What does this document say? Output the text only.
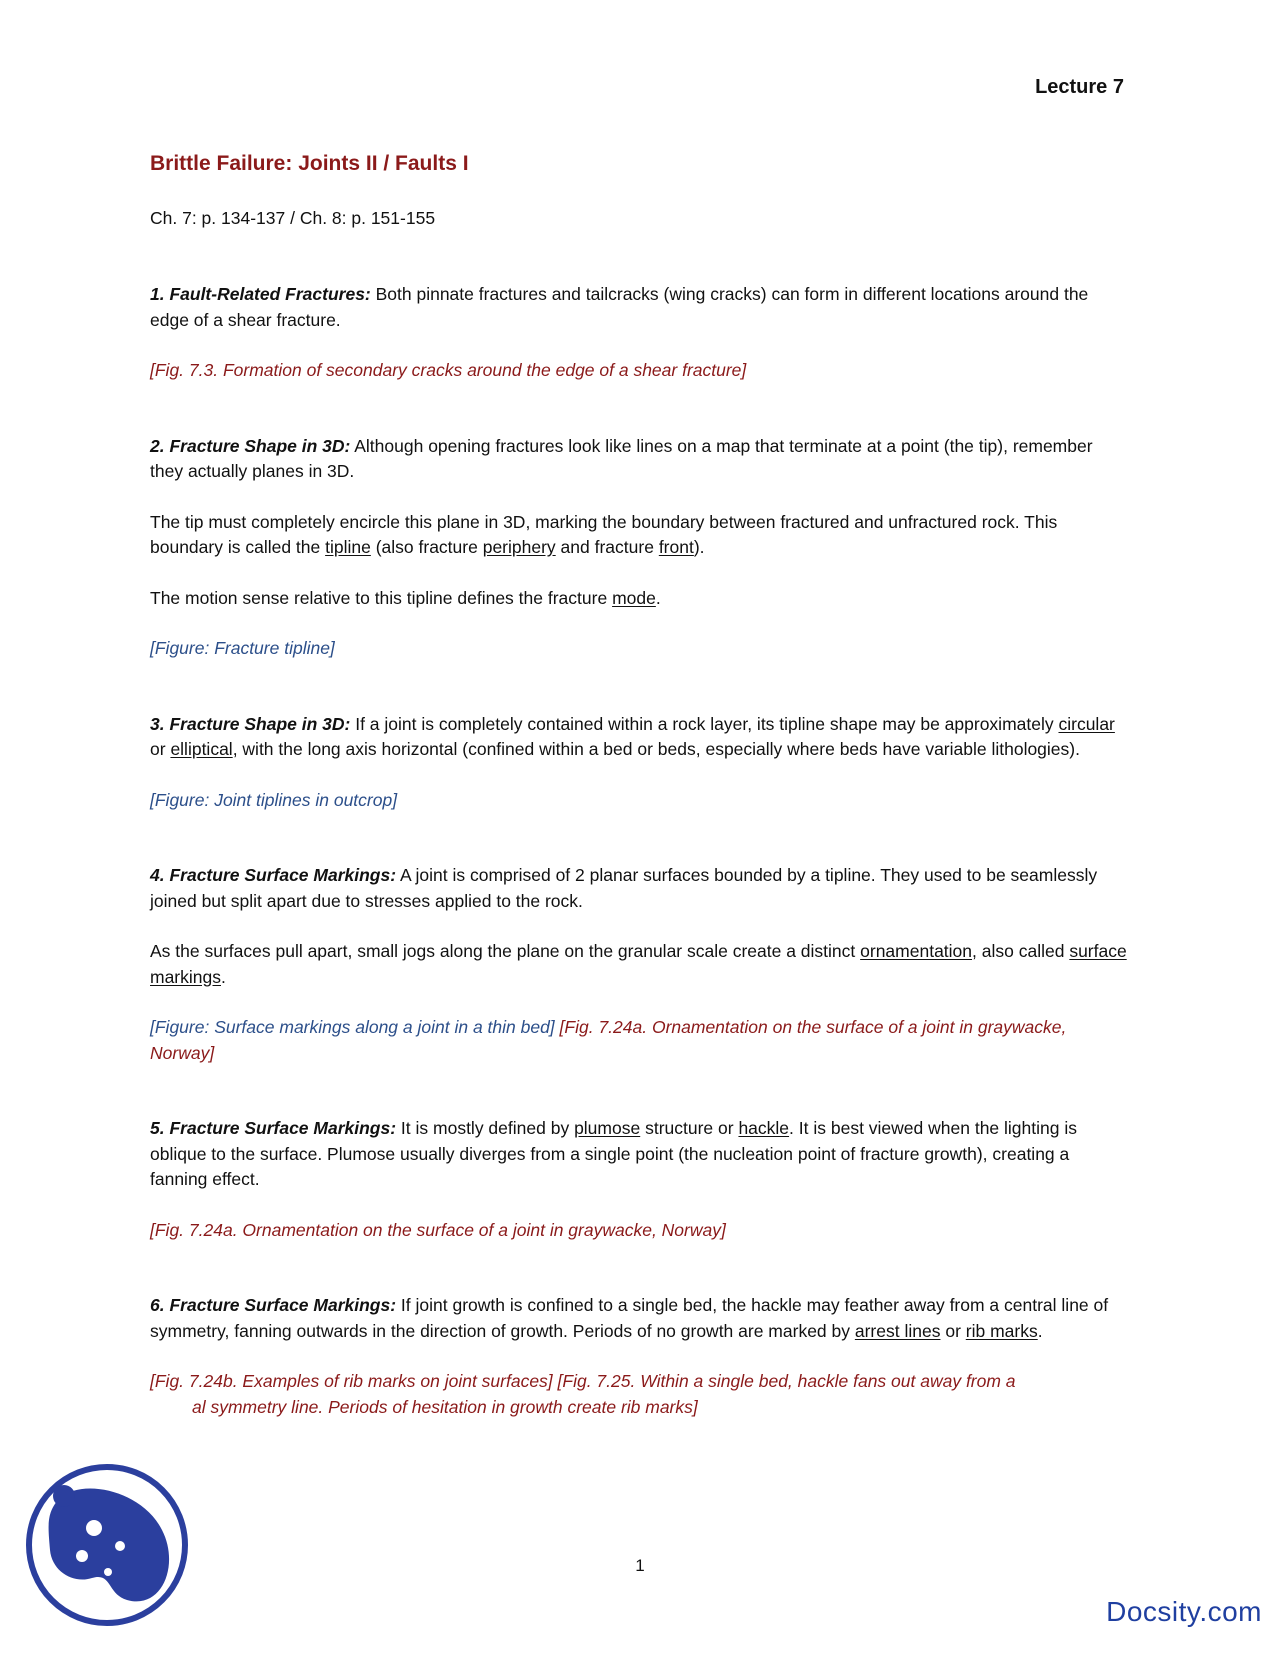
Lecture 7
Brittle Failure: Joints II / Faults I
Ch. 7: p. 134-137 / Ch. 8: p. 151-155

1. Fault-Related Fractures: Both pinnate fractures and tailcracks (wing cracks) can form in different locations around the edge of a shear fracture.

[Fig. 7.3. Formation of secondary cracks around the edge of a shear fracture]

2. Fracture Shape in 3D: Although opening fractures look like lines on a map that terminate at a point (the tip), remember they actually planes in 3D.

The tip must completely encircle this plane in 3D, marking the boundary between fractured and unfractured rock. This boundary is called the tipline (also fracture periphery and fracture front).

The motion sense relative to this tipline defines the fracture mode.

[Figure: Fracture tipline]

3. Fracture Shape in 3D: If a joint is completely contained within a rock layer, its tipline shape may be approximately circular or elliptical, with the long axis horizontal (confined within a bed or beds, especially where beds have variable lithologies).

[Figure: Joint tiplines in outcrop]

4. Fracture Surface Markings: A joint is comprised of 2 planar surfaces bounded by a tipline. They used to be seamlessly joined but split apart due to stresses applied to the rock.

As the surfaces pull apart, small jogs along the plane on the granular scale create a distinct ornamentation, also called surface markings.

[Figure: Surface markings along a joint in a thin bed] [Fig. 7.24a. Ornamentation on the surface of a joint in graywacke, Norway]

5. Fracture Surface Markings: It is mostly defined by plumose structure or hackle. It is best viewed when the lighting is oblique to the surface. Plumose usually diverges from a single point (the nucleation point of fracture growth), creating a fanning effect.

[Fig. 7.24a. Ornamentation on the surface of a joint in graywacke, Norway]

6. Fracture Surface Markings: If joint growth is confined to a single bed, the hackle may feather away from a central line of symmetry, fanning outwards in the direction of growth. Periods of no growth are marked by arrest lines or rib marks.

[Fig. 7.24b. Examples of rib marks on joint surfaces] [Fig. 7.25. Within a single bed, hackle fans out away from a

al symmetry line. Periods of hesitation in growth create rib marks]

1
Docsity.com
